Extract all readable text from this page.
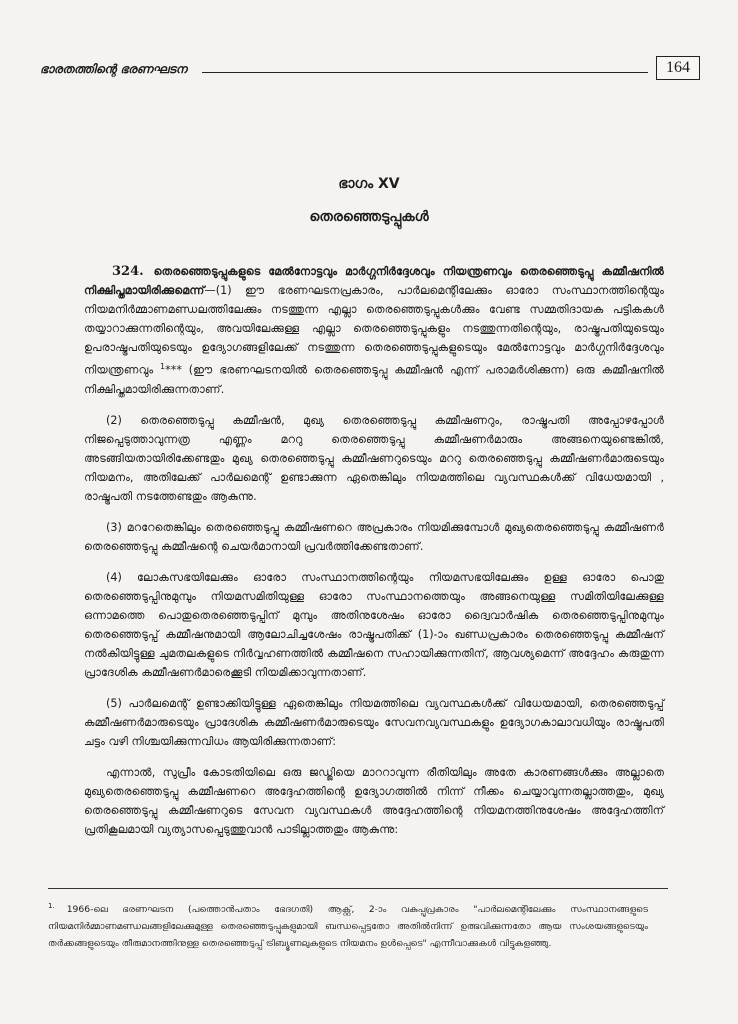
ഭാരതത്തിന്റെ ഭരണഘടന	164
ഭാഗം XV
തെരഞ്ഞെടുപ്പുകൾ

324. തെരഞ്ഞെടുപ്പുകളുടെ മേൽനോട്ടവും മാർഗ്ഗനിർദ്ദേശവും നിയന്ത്രണവും തെരഞ്ഞെടുപ്പു കമ്മീഷനിൽ നിക്ഷിപ്തമായിരിക്കുമെന്ന്—(1) ഈ ഭരണഘടനപ്രകാരം, പാർലമെന്റിലേക്കും ഓരോ സംസ്ഥാനത്തിന്റെയും നിയമനിർമ്മാണമണ്ഡലത്തിലേക്കും നടത്തുന്ന എല്ലാ തെരഞ്ഞെടുപ്പുകൾക്കും വേണ്ട സമ്മതിദായക പട്ടികകൾ തയ്യാറാക്കുന്നതിന്റെയും, അവയിലേക്കുള്ള എല്ലാ തെരഞ്ഞെടുപ്പുകളും നടത്തുന്നതിന്റെയും, രാഷ്ട്രപതിയുടെയും ഉപരാഷ്ട്രപതിയുടെയും ഉദ്യോഗങ്ങളിലേക്ക് നടത്തുന്ന തെരഞ്ഞെടുപ്പുകളുടെയും മേൽനോട്ടവും മാർഗ്ഗനിർദ്ദേശവും നിയന്ത്രണവും $^1$*** (ഈ ഭരണഘടനയിൽ തെരഞ്ഞെടുപ്പു കമ്മീഷൻ എന്ന് പരാമർശിക്കുന്ന) ഒരു കമ്മീഷനിൽ നിക്ഷിപ്തമായിരിക്കുന്നതാണ്.

(2) തെരഞ്ഞെടുപ്പു കമ്മീഷൻ, മുഖ്യ തെരഞ്ഞെടുപ്പു കമ്മീഷണറും, രാഷ്ട്രപതി അപ്പോഴപ്പോൾ നിജപ്പെടുത്താവുന്നത്ര എണ്ണം മററു തെരഞ്ഞെടുപ്പു കമ്മീഷണർമാരും അങ്ങനെയുണ്ടെങ്കിൽ, അടങ്ങിയതായിരിക്കേണ്ടതും മുഖ്യ തെരഞ്ഞെടുപ്പു കമ്മീഷണറുടെയും മററു തെരഞ്ഞെടുപ്പു കമ്മീഷണർമാരുടെയും നിയമനം, അതിലേക്ക് പാർലമെന്റ് ഉണ്ടാക്കുന്ന ഏതെങ്കിലും നിയമത്തിലെ വ്യവസ്ഥകൾക്ക് വിധേയമായി , രാഷ്ട്രപതി നടത്തേണ്ടതും ആകുന്നു.

(3) മററേതെങ്കിലും തെരഞ്ഞെടുപ്പു കമ്മീഷണറെ അപ്രകാരം നിയമിക്കുമ്പോൾ മുഖ്യതെരഞ്ഞെടുപ്പു കമ്മീഷണർ തെരഞ്ഞെടുപ്പു കമ്മീഷന്റെ ചെയർമാനായി പ്രവർത്തിക്കേണ്ടതാണ്.

(4) ലോകസഭയിലേക്കും ഓരോ സംസ്ഥാനത്തിന്റെയും നിയമസഭയിലേക്കും ഉള്ള ഓരോ പൊതു തെരഞ്ഞെടുപ്പിനുമുമ്പും നിയമസമിതിയുള്ള ഓരോ സംസ്ഥാനത്തെയും അങ്ങനെയുള്ള സമിതിയിലേക്കുള്ള ഒന്നാമത്തെ പൊതുതെരഞ്ഞെടുപ്പിന് മുമ്പും അതിനുശേഷം ഓരോ ദ്വൈവാർഷിക തെരഞ്ഞെടുപ്പിനുമുമ്പും തെരഞ്ഞെടുപ്പ് കമ്മീഷനുമായി ആലോചിച്ചശേഷം രാഷ്ട്രപതിക്ക് (1)-ാം ഖണ്ഡപ്രകാരം തെരഞ്ഞെടുപ്പു കമ്മീഷന് നൽകിയിട്ടുള്ള ചുമതലകളുടെ നിർവ്വഹണത്തിൽ കമ്മീഷനെ സഹായിക്കുന്നതിന്, ആവശ്യമെന്ന് അദ്ദേഹം കരുതുന്ന പ്രാദേശിക കമ്മീഷണർമാരെക്കൂടി നിയമിക്കാവുന്നതാണ്.

(5) പാർലമെന്റ് ഉണ്ടാക്കിയിട്ടുള്ള ഏതെങ്കിലും നിയമത്തിലെ വ്യവസ്ഥകൾക്ക് വിധേയമായി, തെരഞ്ഞെടുപ്പ് കമ്മീഷണർമാരുടെയും പ്രാദേശിക കമ്മീഷണർമാരുടെയും സേവനവ്യവസ്ഥകളും ഉദ്യോഗകാലാവധിയും രാഷ്ട്രപതി ചട്ടം വഴി നിശ്ചയിക്കുന്നവിധം ആയിരിക്കുന്നതാണ്:

എന്നാൽ, സുപ്രീം കോടതിയിലെ ഒരു ജഡ്ജിയെ മാററാവുന്ന രീതിയിലും അതേ കാരണങ്ങൾക്കും അല്ലാതെ മുഖ്യതെരഞ്ഞെടുപ്പു കമ്മീഷണറെ അദ്ദേഹത്തിന്റെ ഉദ്യോഗത്തിൽ നിന്ന് നീക്കം ചെയ്യാവുന്നതല്ലാത്തതും, മുഖ്യ തെരഞ്ഞെടുപ്പു കമ്മീഷണറുടെ സേവന വ്യവസ്ഥകൾ അദ്ദേഹത്തിന്റെ നിയമനത്തിനുശേഷം അദ്ദേഹത്തിന് പ്രതികൂലമായി വ്യത്യാസപ്പെടുത്തുവാൻ പാടില്ലാത്തതും ആകുന്നു:

$^{1.}$ 1966-ലെ ഭരണഘടന (പത്തൊൻപതാം ഭേദഗതി) ആക്റ്റ്, 2-ാം വകുപ്പുപ്രകാരം "പാർലമെന്റിലേക്കും സംസ്ഥാനങ്ങളുടെ നിയമനിർമ്മാണമണ്ഡലങ്ങളിലേക്കുമുള്ള തെരഞ്ഞെടുപ്പുകളുമായി ബന്ധപ്പെട്ടതോ അതിൽനിന്ന് ഉത്ഭവിക്കുന്നതോ ആയ സംശയങ്ങളുടെയും തർക്കങ്ങളുടെയും തീരുമാനത്തിനുള്ള തെരഞ്ഞെടുപ്പ് ട്രിബ്യൂണലുകളുടെ നിയമനം ഉൾപ്പെടെ" എന്നീവാക്കുകൾ വിട്ടുകളഞ്ഞു.
